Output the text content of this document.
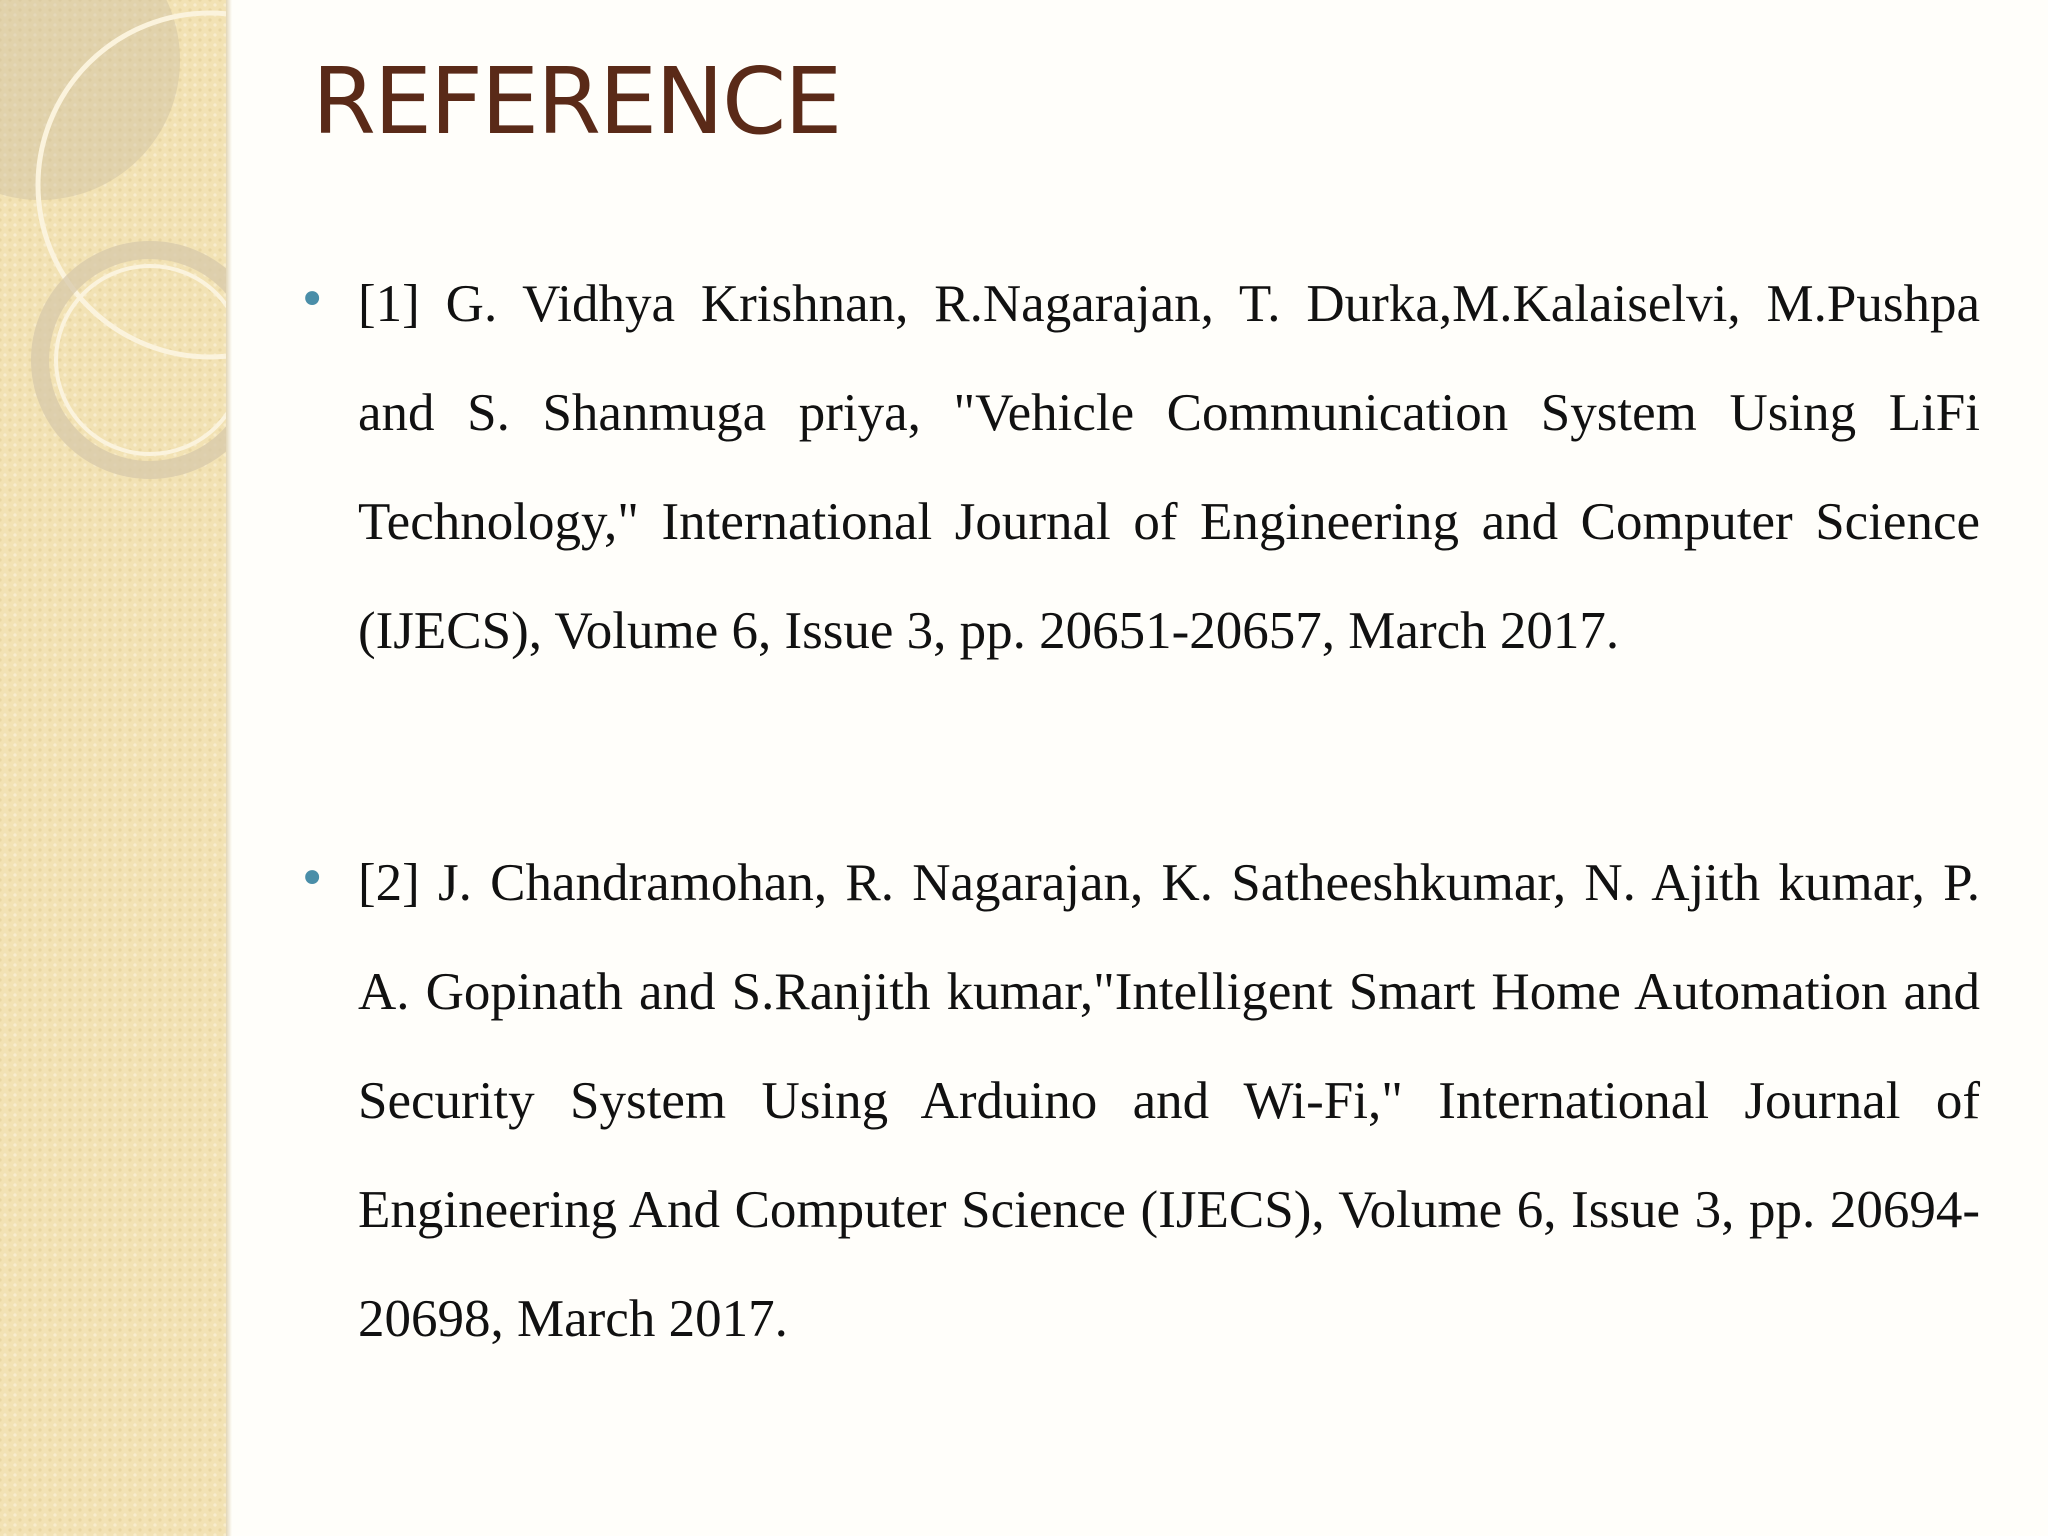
REFERENCE
• [1] G. Vidhya Krishnan, R.Nagarajan, T. Durka,M.Kalaiselvi, M.Pushpa and S. Shanmuga priya, "Vehicle Communication System Using LiFi Technology," International Journal of Engineering and Computer Science (IJECS), Volume 6, Issue 3, pp. 20651-20657, March 2017.
• [2] J. Chandramohan, R. Nagarajan, K. Satheeshkumar, N. Ajith kumar, P. A. Gopinath and S.Ranjith kumar,"Intelligent Smart Home Automation and Security System Using Arduino and Wi-Fi," International Journal of Engineering And Computer Science (IJECS), Volume 6, Issue 3, pp. 20694-20698, March 2017.
